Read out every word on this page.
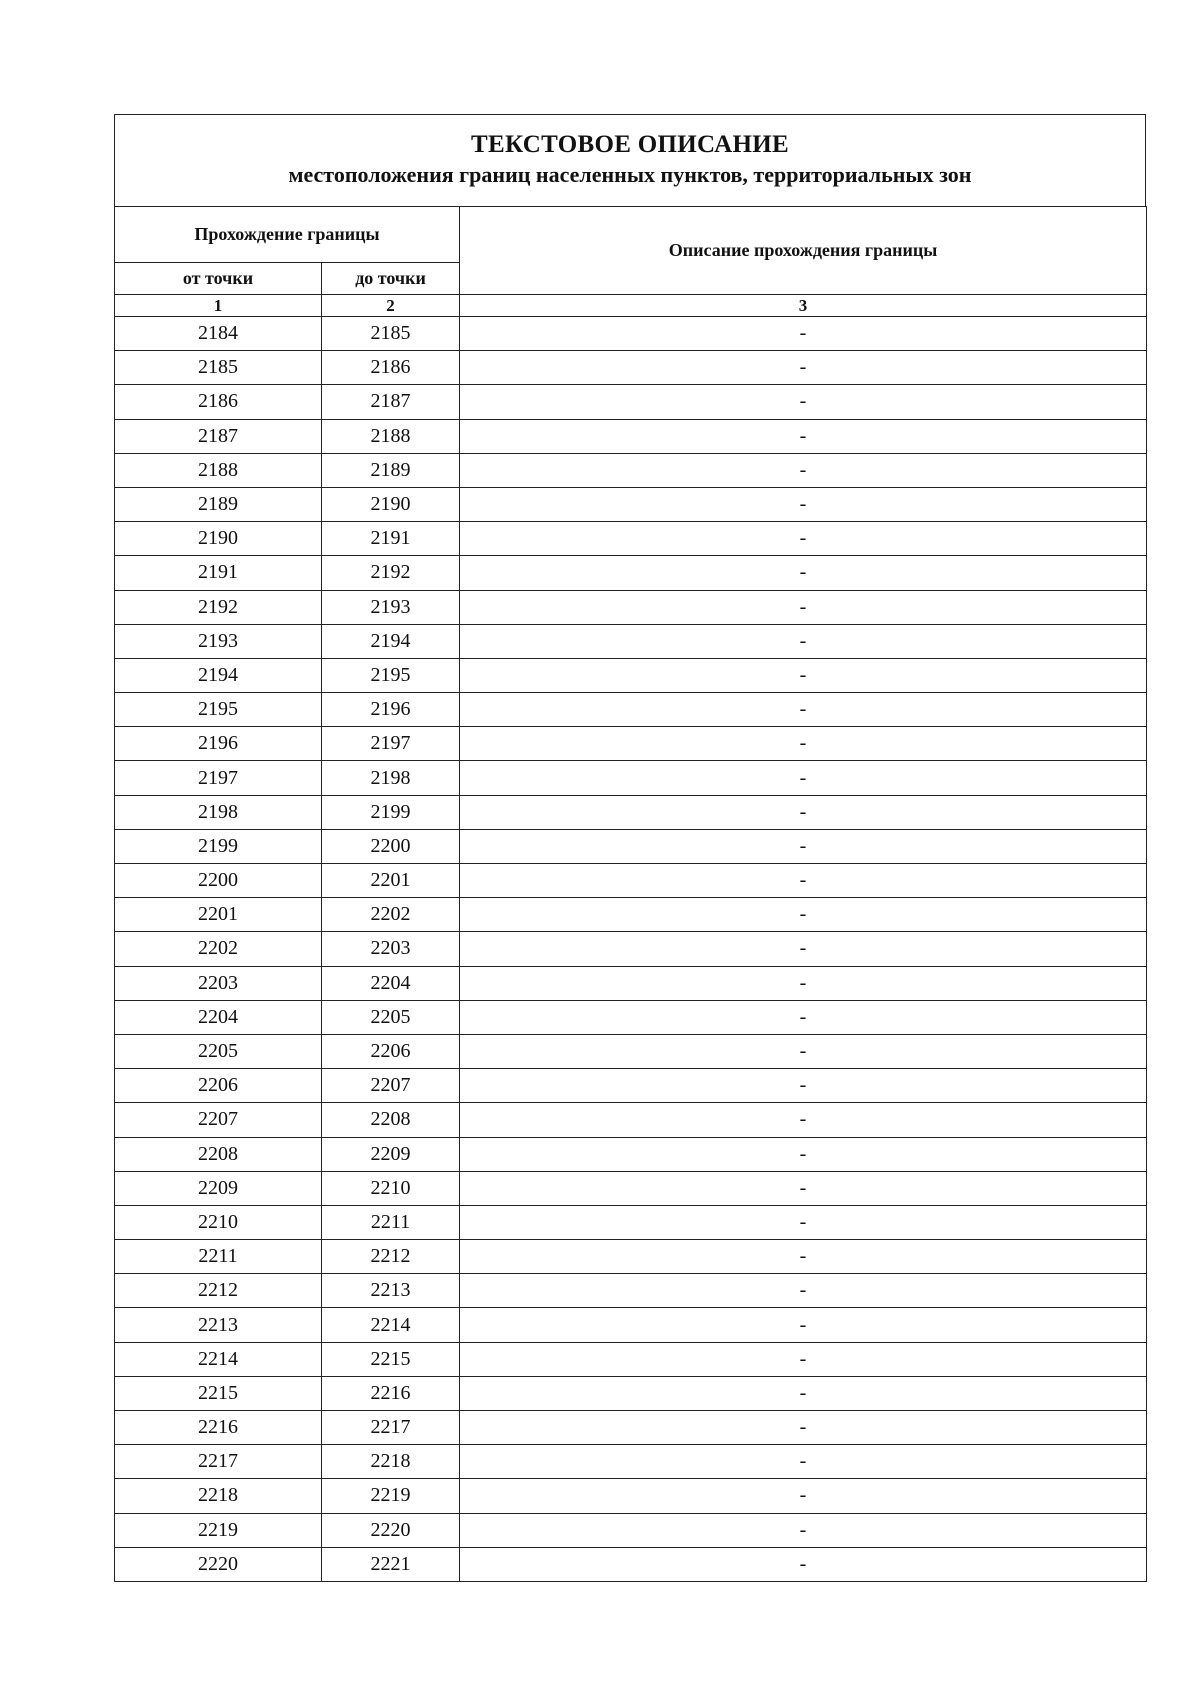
ТЕКСТОВОЕ ОПИСАНИЕ
местоположения границ населенных пунктов, территориальных зон
Прохождение границы		Описание прохождения границы
от точки	до точки	
1	2	3
2184	2185	-
2185	2186	-
2186	2187	-
2187	2188	-
2188	2189	-
2189	2190	-
2190	2191	-
2191	2192	-
2192	2193	-
2193	2194	-
2194	2195	-
2195	2196	-
2196	2197	-
2197	2198	-
2198	2199	-
2199	2200	-
2200	2201	-
2201	2202	-
2202	2203	-
2203	2204	-
2204	2205	-
2205	2206	-
2206	2207	-
2207	2208	-
2208	2209	-
2209	2210	-
2210	2211	-
2211	2212	-
2212	2213	-
2213	2214	-
2214	2215	-
2215	2216	-
2216	2217	-
2217	2218	-
2218	2219	-
2219	2220	-
2220	2221	-
